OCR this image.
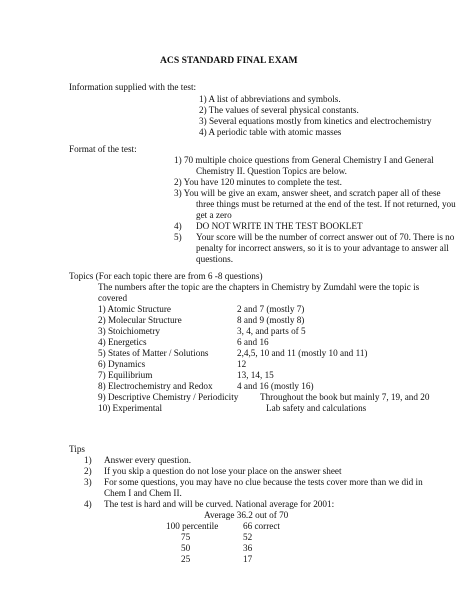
ACS STANDARD FINAL EXAM
Information supplied with the test:
1) A list of abbreviations and symbols.
2) The values of several physical constants.
3) Several equations mostly from kinetics and electrochemistry
4) A periodic table with atomic masses
Format of the test:
1) 70 multiple choice questions from General Chemistry I and General
Chemistry II. Question Topics are below.
2) You have 120 minutes to complete the test.
3) You will be give an exam, answer sheet, and scratch paper all of these
three things must be returned at the end of the test. If not returned, you
get a zero
4) DO NOT WRITE IN THE TEST BOOKLET
5) Your score will be the number of correct answer out of 70. There is no
penalty for incorrect answers, so it is to your advantage to answer all
questions.
Topics (For each topic there are from 6 -8 questions)
The numbers after the topic are the chapters in Chemistry by Zumdahl were the topic is
covered
1) Atomic Structure	2 and 7 (mostly 7)
2) Molecular Structure	8 and 9 (mostly 8)
3) Stoichiometry	3, 4, and parts of 5
4) Energetics	6 and 16
5) States of Matter / Solutions	2,4,5, 10 and 11 (mostly 10 and 11)
6) Dynamics	12
7) Equilibrium	13, 14, 15
8) Electrochemistry and Redox	4 and 16 (mostly 16)
9) Descriptive Chemistry / Periodicity Throughout the book but mainly 7, 19, and 20
10) Experimental	Lab safety and calculations
Tips
1) Answer every question.
2) If you skip a question do not lose your place on the answer sheet
3) For some questions, you may have no clue because the tests cover more than we did in
Chem I and Chem II.
4) The test is hard and will be curved. National average for 2001:
Average 36.2 out of 70
100 percentile	66 correct
75	52
50	36
25	17
